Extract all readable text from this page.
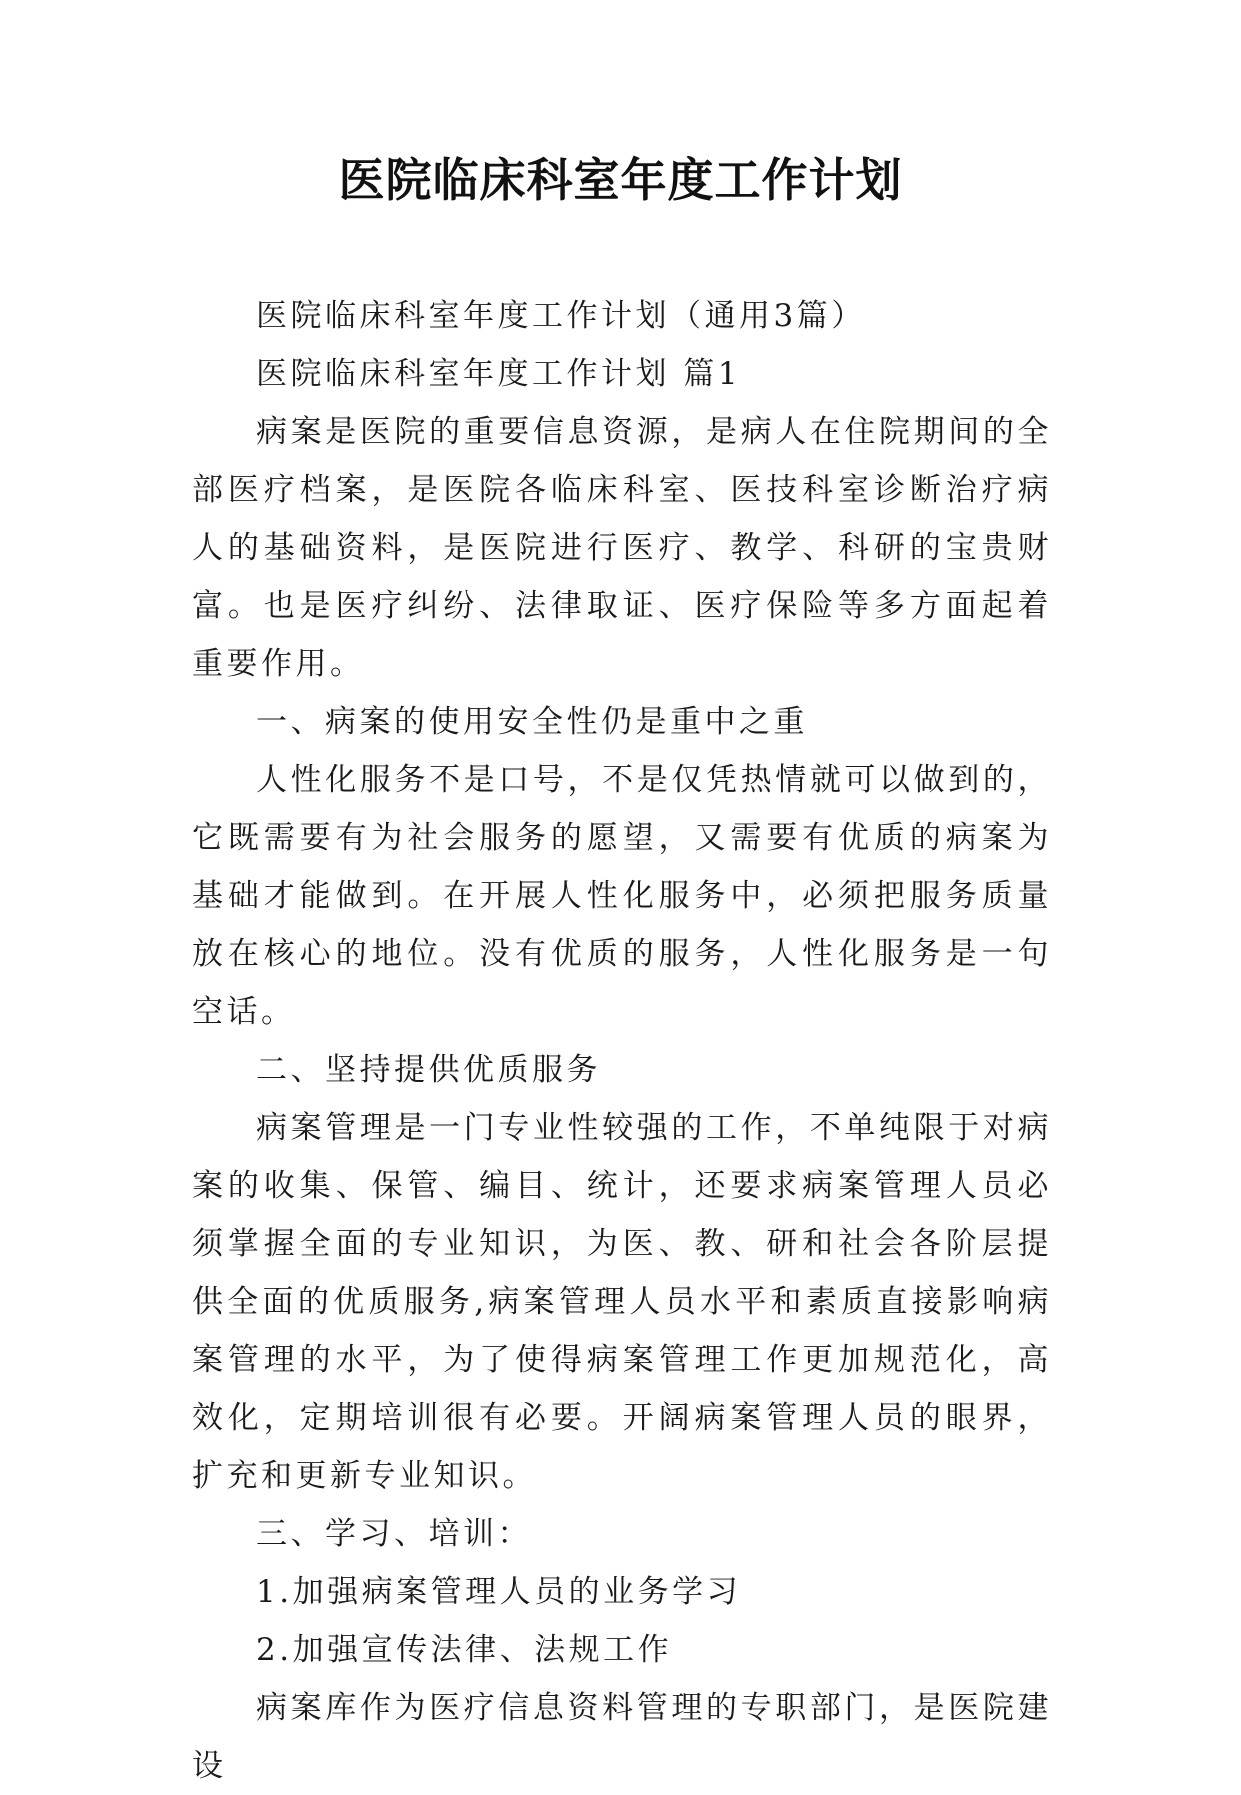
医院临床科室年度工作计划

医院临床科室年度工作计划（通用3篇）

医院临床科室年度工作计划 篇1

病案是医院的重要信息资源，是病人在住院期间的全部医疗档案，是医院各临床科室、医技科室诊断治疗病人的基础资料，是医院进行医疗、教学、科研的宝贵财富。也是医疗纠纷、法律取证、医疗保险等多方面起着重要作用。

一、病案的使用安全性仍是重中之重

人性化服务不是口号，不是仅凭热情就可以做到的，它既需要有为社会服务的愿望，又需要有优质的病案为基础才能做到。在开展人性化服务中，必须把服务质量放在核心的地位。没有优质的服务，人性化服务是一句空话。

二、坚持提供优质服务

病案管理是一门专业性较强的工作，不单纯限于对病案的收集、保管、编目、统计，还要求病案管理人员必须掌握全面的专业知识，为医、教、研和社会各阶层提供全面的优质服务,病案管理人员水平和素质直接影响病案管理的水平，为了使得病案管理工作更加规范化，高效化，定期培训很有必要。开阔病案管理人员的眼界，扩充和更新专业知识。

三、学习、培训：

1.加强病案管理人员的业务学习

2.加强宣传法律、法规工作

病案库作为医疗信息资料管理的专职部门，是医院建设
